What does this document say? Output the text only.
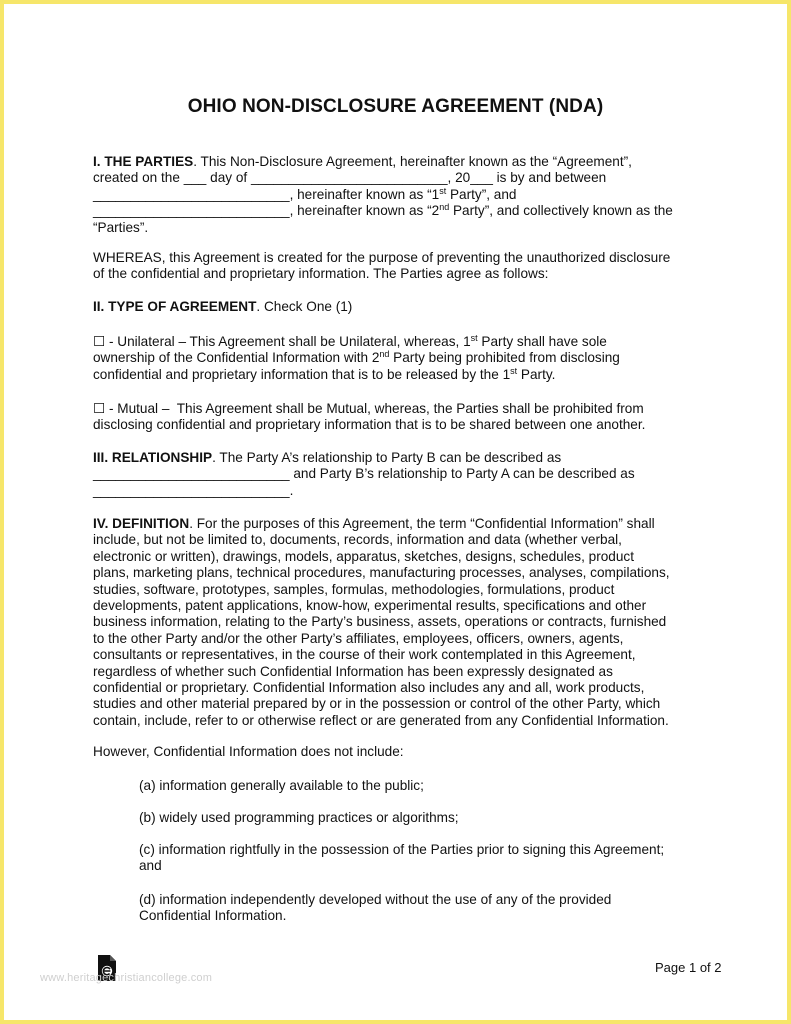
OHIO NON-DISCLOSURE AGREEMENT (NDA)
I. THE PARTIES. This Non-Disclosure Agreement, hereinafter known as the “Agreement”,
created on the ___ day of __________________________, 20___ is by and between
__________________________, hereinafter known as “1st Party”, and
__________________________, hereinafter known as “2nd Party”, and collectively known as the
“Parties”.
WHEREAS, this Agreement is created for the purpose of preventing the unauthorized disclosure
of the confidential and proprietary information. The Parties agree as follows:
II. TYPE OF AGREEMENT. Check One (1)
☐ - Unilateral – This Agreement shall be Unilateral, whereas, 1st Party shall have sole
ownership of the Confidential Information with 2nd Party being prohibited from disclosing
confidential and proprietary information that is to be released by the 1st Party.
☐ - Mutual –  This Agreement shall be Mutual, whereas, the Parties shall be prohibited from
disclosing confidential and proprietary information that is to be shared between one another.
III. RELATIONSHIP. The Party A’s relationship to Party B can be described as
__________________________ and Party B’s relationship to Party A can be described as
__________________________.
IV. DEFINITION. For the purposes of this Agreement, the term “Confidential Information” shall
include, but not be limited to, documents, records, information and data (whether verbal,
electronic or written), drawings, models, apparatus, sketches, designs, schedules, product
plans, marketing plans, technical procedures, manufacturing processes, analyses, compilations,
studies, software, prototypes, samples, formulas, methodologies, formulations, product
developments, patent applications, know-how, experimental results, specifications and other
business information, relating to the Party’s business, assets, operations or contracts, furnished
to the other Party and/or the other Party’s affiliates, employees, officers, owners, agents,
consultants or representatives, in the course of their work contemplated in this Agreement,
regardless of whether such Confidential Information has been expressly designated as
confidential or proprietary. Confidential Information also includes any and all, work products,
studies and other material prepared by or in the possession or control of the other Party, which
contain, include, refer to or otherwise reflect or are generated from any Confidential Information.
However, Confidential Information does not include:
(a) information generally available to the public;
(b) widely used programming practices or algorithms;
(c) information rightfully in the possession of the Parties prior to signing this Agreement;
and
(d) information independently developed without the use of any of the provided
Confidential Information.
www.heritagechristiancollege.com
Page 1 of 2
